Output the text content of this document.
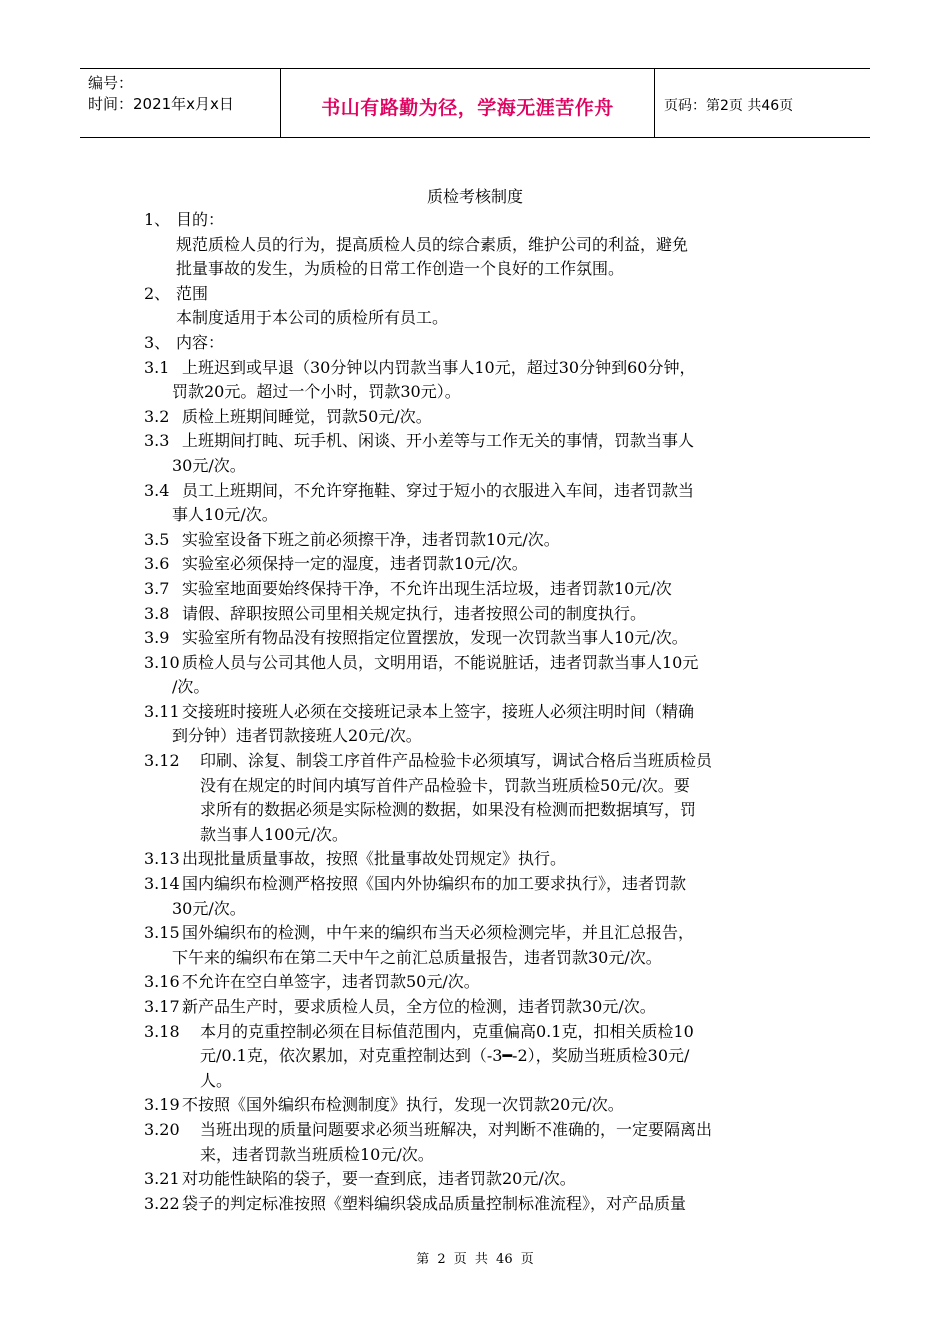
编号：
时间：2021年x月x日	书山有路勤为径，学海无涯苦作舟	页码：第2页 共46页
质检考核制度

1、 目的：

规范质检人员的行为，提高质检人员的综合素质，维护公司的利益，避免

批量事故的发生，为质检的日常工作创造一个良好的工作氛围。

2、 范围

本制度适用于本公司的质检所有员工。

3、 内容：

3.1 上班迟到或早退（30分钟以内罚款当事人10元，超过30分钟到60分钟，
罚款20元。超过一个小时，罚款30元）。

3.2 质检上班期间睡觉，罚款50元/次。

3.3 上班期间打盹、玩手机、闲谈、开小差等与工作无关的事情，罚款当事人
30元/次。

3.4 员工上班期间，不允许穿拖鞋、穿过于短小的衣服进入车间，违者罚款当
事人10元/次。

3.5 实验室设备下班之前必须擦干净，违者罚款10元/次。

3.6 实验室必须保持一定的湿度，违者罚款10元/次。

3.7 实验室地面要始终保持干净，不允许出现生活垃圾，违者罚款10元/次

3.8 请假、辞职按照公司里相关规定执行，违者按照公司的制度执行。

3.9 实验室所有物品没有按照指定位置摆放，发现一次罚款当事人10元/次。

3.10 质检人员与公司其他人员，文明用语，不能说脏话，违者罚款当事人10元
/次。

3.11 交接班时接班人必须在交接班记录本上签字，接班人必须注明时间（精确
到分钟）违者罚款接班人20元/次。

3.12 印刷、涂复、制袋工序首件产品检验卡必须填写，调试合格后当班质检员
没有在规定的时间内填写首件产品检验卡，罚款当班质检50元/次。要
求所有的数据必须是实际检测的数据，如果没有检测而把数据填写，罚
款当事人100元/次。

3.13 出现批量质量事故，按照《批量事故处罚规定》执行。

3.14 国内编织布检测严格按照《国内外协编织布的加工要求执行》，违者罚款
30元/次。

3.15 国外编织布的检测，中午来的编织布当天必须检测完毕，并且汇总报告，
下午来的编织布在第二天中午之前汇总质量报告，违者罚款30元/次。

3.16 不允许在空白单签字，违者罚款50元/次。

3.17 新产品生产时，要求质检人员，全方位的检测，违者罚款30元/次。

3.18 本月的克重控制必须在目标值范围内，克重偏高0.1克，扣相关质检10
元/0.1克，依次累加，对克重控制达到（-3━-2），奖励当班质检30元/
人。

3.19 不按照《国外编织布检测制度》执行，发现一次罚款20元/次。

3.20 当班出现的质量问题要求必须当班解决，对判断不准确的，一定要隔离出
来，违者罚款当班质检10元/次。

3.21 对功能性缺陷的袋子，要一查到底，违者罚款20元/次。

3.22 袋子的判定标准按照《塑料编织袋成品质量控制标准流程》，对产品质量

第 2 页 共 46 页
